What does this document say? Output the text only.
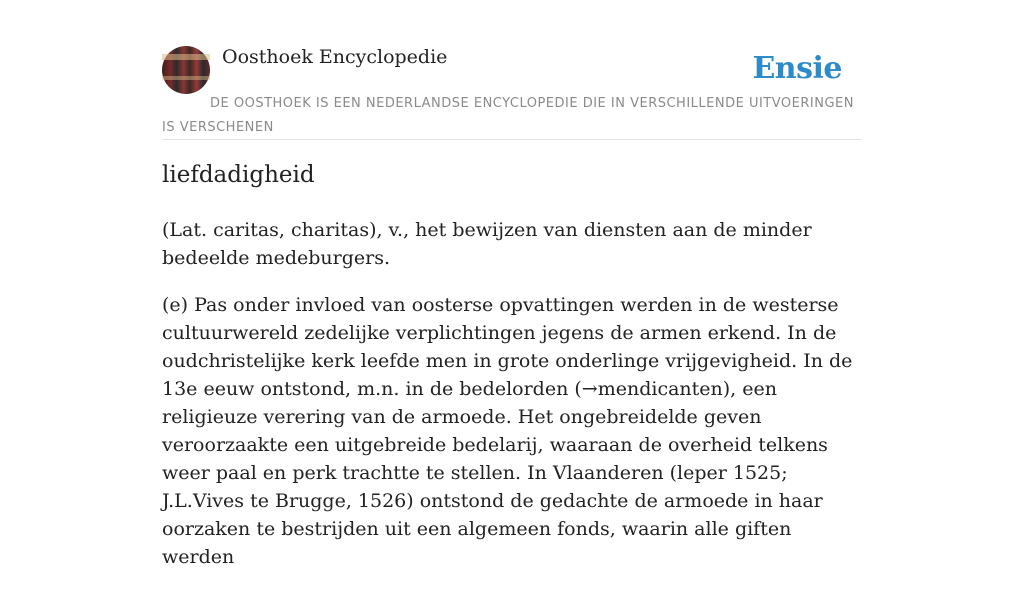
Oosthoek Encyclopedie	Ensie
DE OOSTHOEK IS EEN NEDERLANDSE ENCYCLOPEDIE DIE IN VERSCHILLENDE UITVOERINGEN IS VERSCHENEN
liefdadigheid

(Lat. caritas, charitas), v., het bewijzen van diensten aan de minder bedeelde medeburgers.

(e) Pas onder invloed van oosterse opvattingen werden in de westerse cultuurwereld zedelijke verplichtingen jegens de armen erkend. In de oudchristelijke kerk leefde men in grote onderlinge vrijgevigheid. In de 13e eeuw ontstond, m.n. in de bedelorden (→mendicanten), een religieuze verering van de armoede. Het ongebreidelde geven veroorzaakte een uitgebreide bedelarij, waaraan de overheid telkens weer paal en perk trachtte te stellen. In Vlaanderen (leper 1525; J.L.Vives te Brugge, 1526) ontstond de gedachte de armoede in haar oorzaken te bestrijden uit een algemeen fonds, waarin alle giften werden
